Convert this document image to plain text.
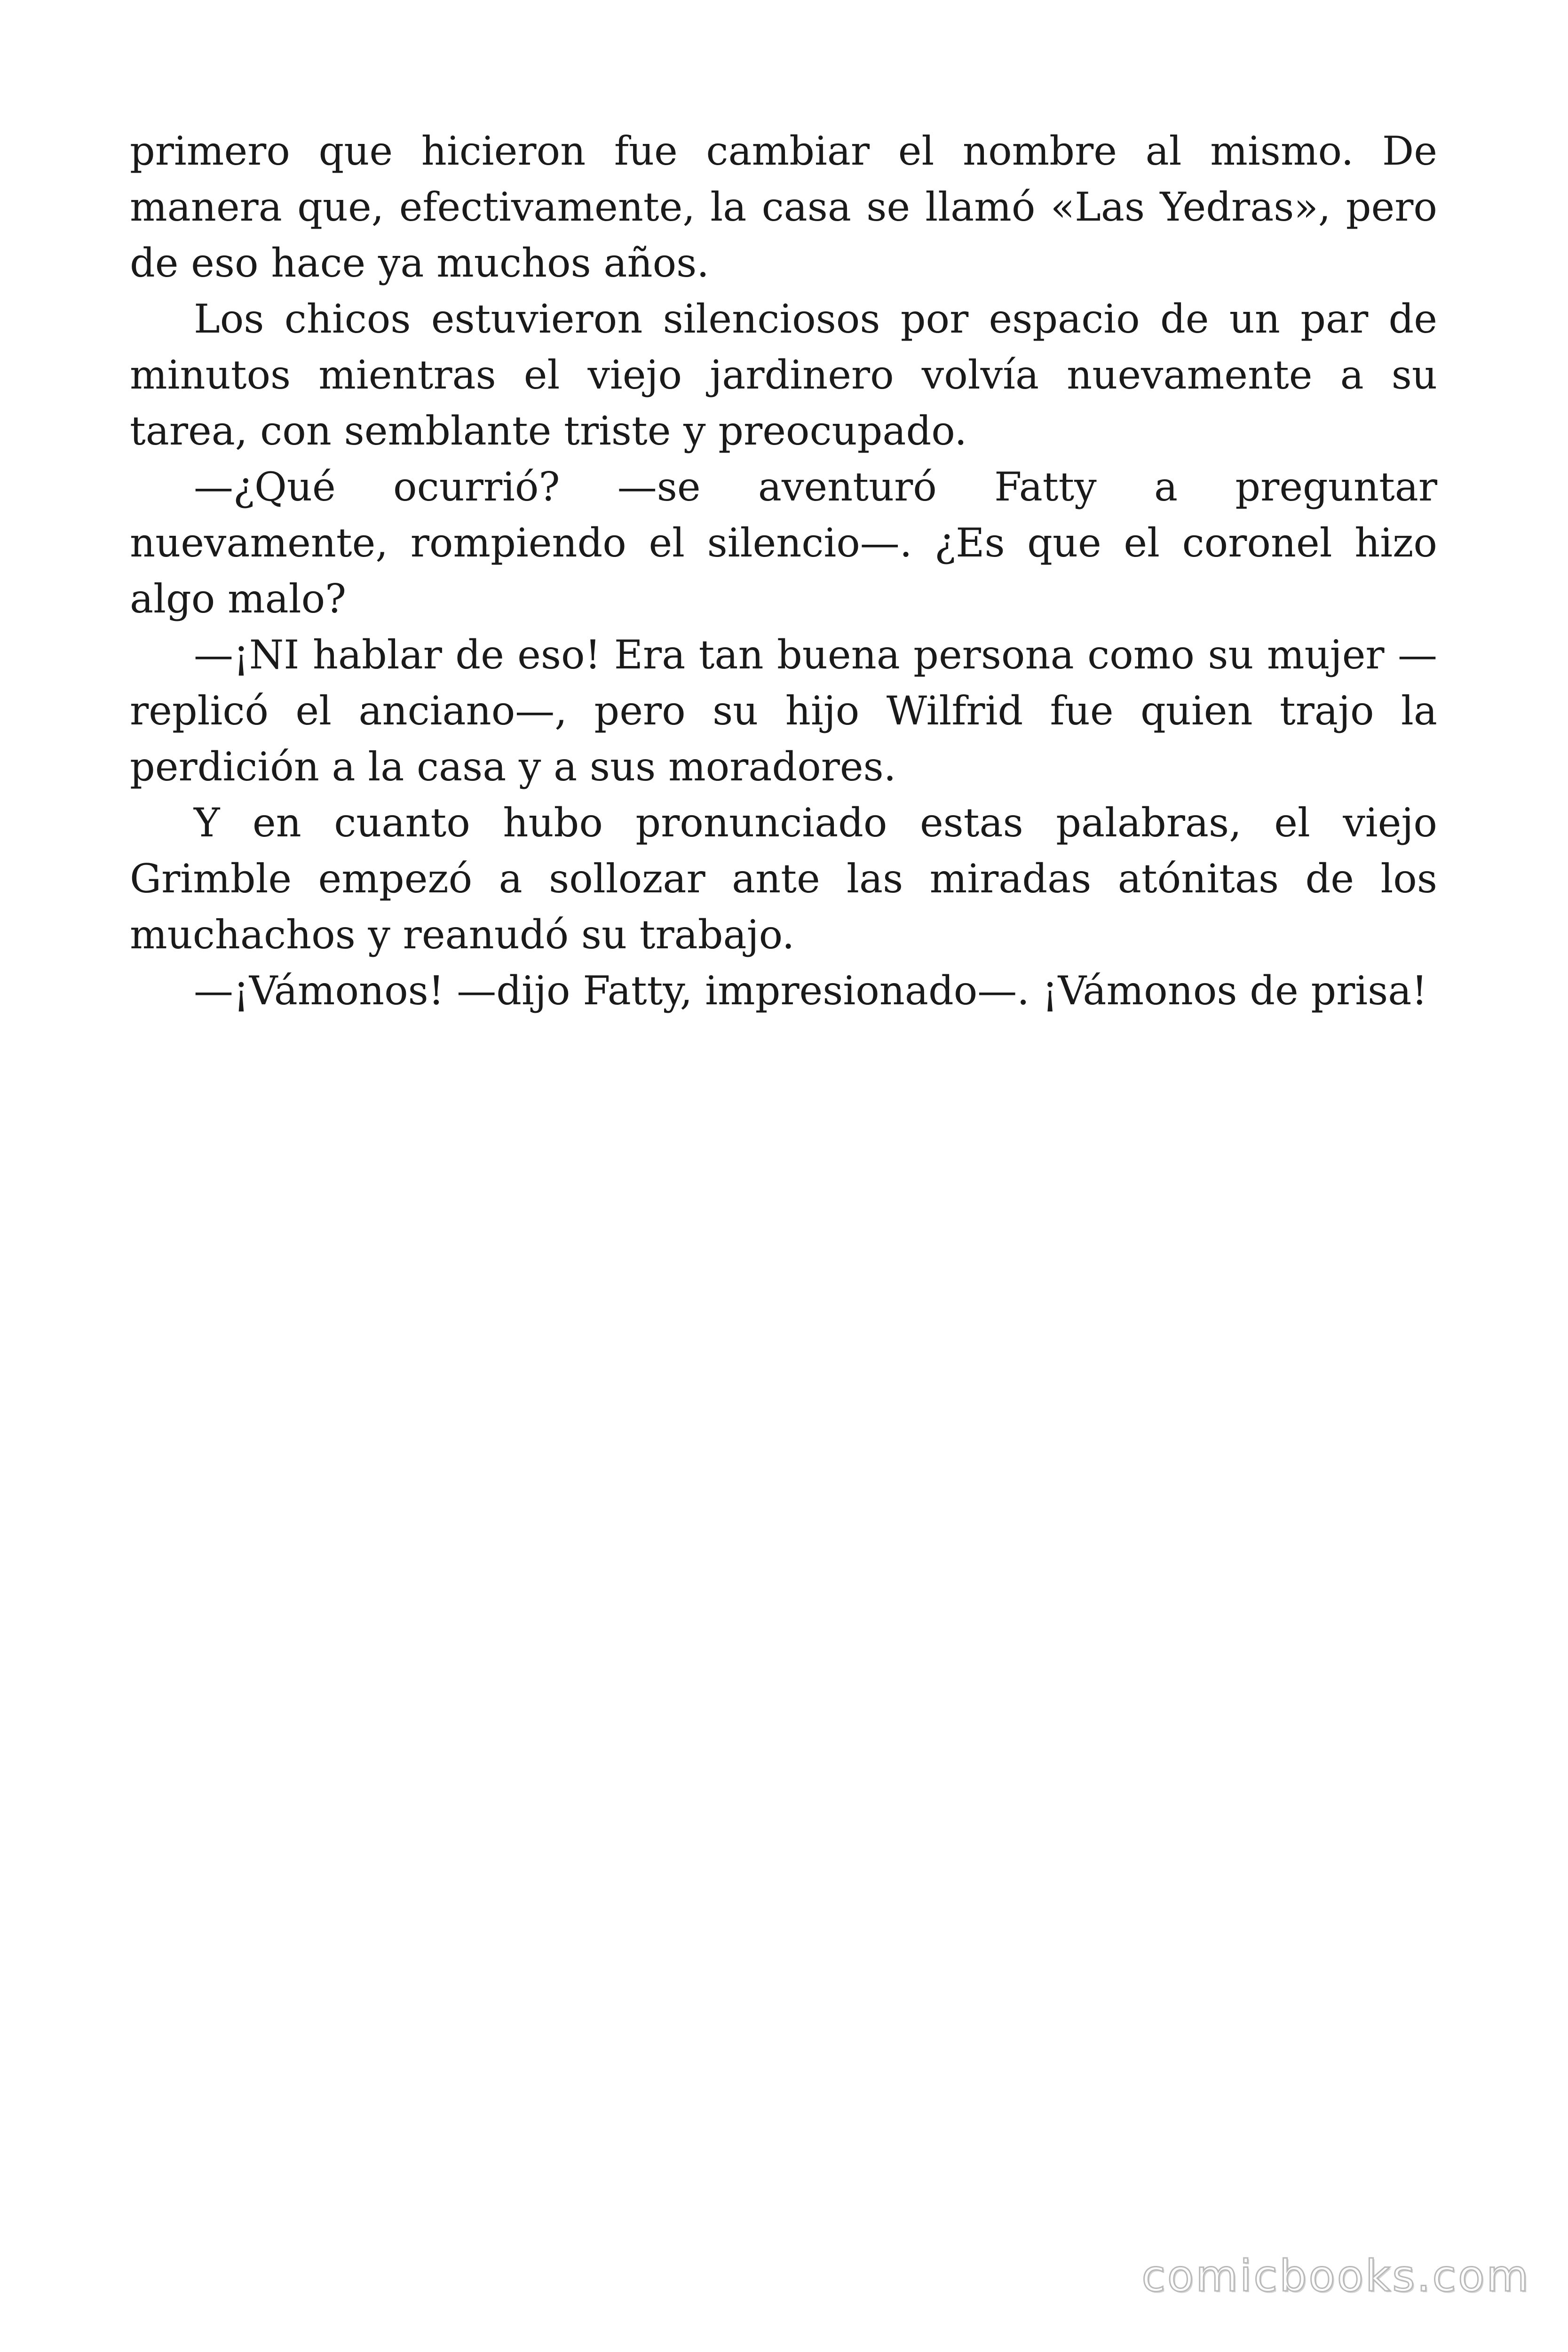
primero que hicieron fue cambiar el nombre al mismo. De manera que, efectivamente, la casa se llamó «Las Yedras», pero de eso hace ya muchos años.

Los chicos estuvieron silenciosos por espacio de un par de minutos mientras el viejo jardinero volvía nuevamente a su tarea, con semblante triste y preocupado.

—¿Qué ocurrió? —se aventuró Fatty a preguntar nuevamente, rompiendo el silencio—. ¿Es que el coronel hizo algo malo?

—¡NI hablar de eso! Era tan buena persona como su mujer —replicó el anciano—, pero su hijo Wilfrid fue quien trajo la perdición a la casa y a sus moradores.

Y en cuanto hubo pronunciado estas palabras, el viejo Grimble empezó a sollozar ante las miradas atónitas de los muchachos y reanudó su trabajo.

—¡Vámonos! —dijo Fatty, impresionado—. ¡Vámonos de prisa!

comicbooks.com
